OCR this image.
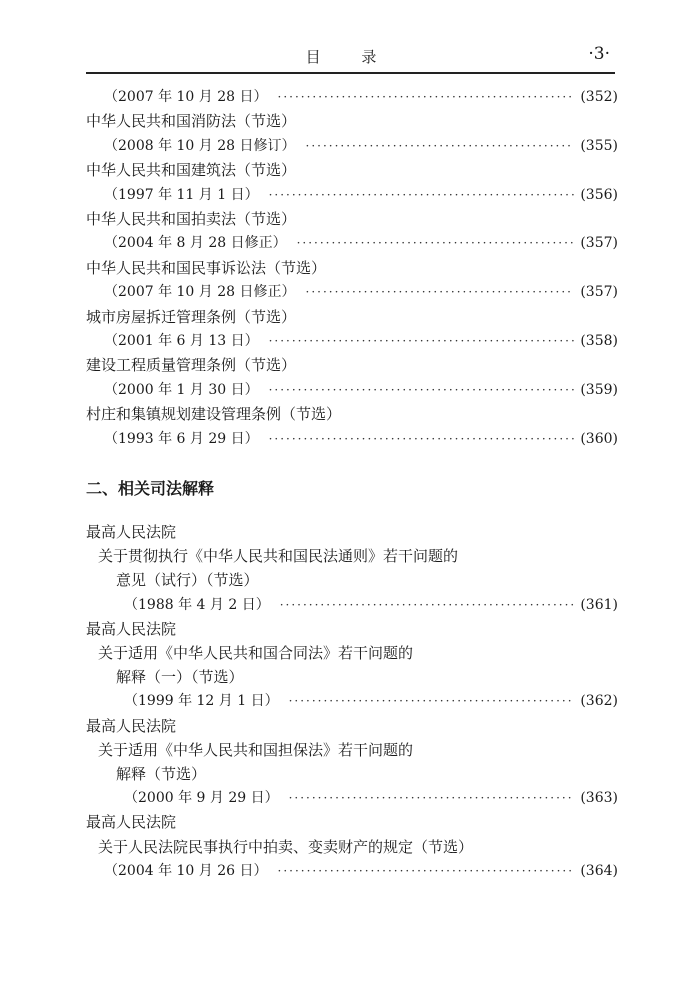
目 录	·3·
（2007 年 10 月 28 日） ·····	(352)
中华人民共和国消防法（节选）
（2008 年 10 月 28 日修订） ·····	(355)
中华人民共和国建筑法（节选）
（1997 年 11 月 1 日） ·····	(356)
中华人民共和国拍卖法（节选）
（2004 年 8 月 28 日修正） ·····	(357)
中华人民共和国民事诉讼法（节选）
（2007 年 10 月 28 日修正） ·····	(357)
城市房屋拆迁管理条例（节选）
（2001 年 6 月 13 日） ·····	(358)
建设工程质量管理条例（节选）
（2000 年 1 月 30 日） ·····	(359)
村庄和集镇规划建设管理条例（节选）
（1993 年 6 月 29 日） ·····	(360)
二、相关司法解释
最高人民法院
关于贯彻执行《中华人民共和国民法通则》若干问题的
意见（试行）（节选）
（1988 年 4 月 2 日） ·····	(361)
最高人民法院
关于适用《中华人民共和国合同法》若干问题的
解释（一）（节选）
（1999 年 12 月 1 日） ·····	(362)
最高人民法院
关于适用《中华人民共和国担保法》若干问题的
解释（节选）
（2000 年 9 月 29 日） ·····	(363)
最高人民法院
关于人民法院民事执行中拍卖、变卖财产的规定（节选）
（2004 年 10 月 26 日） ·····	(364)
